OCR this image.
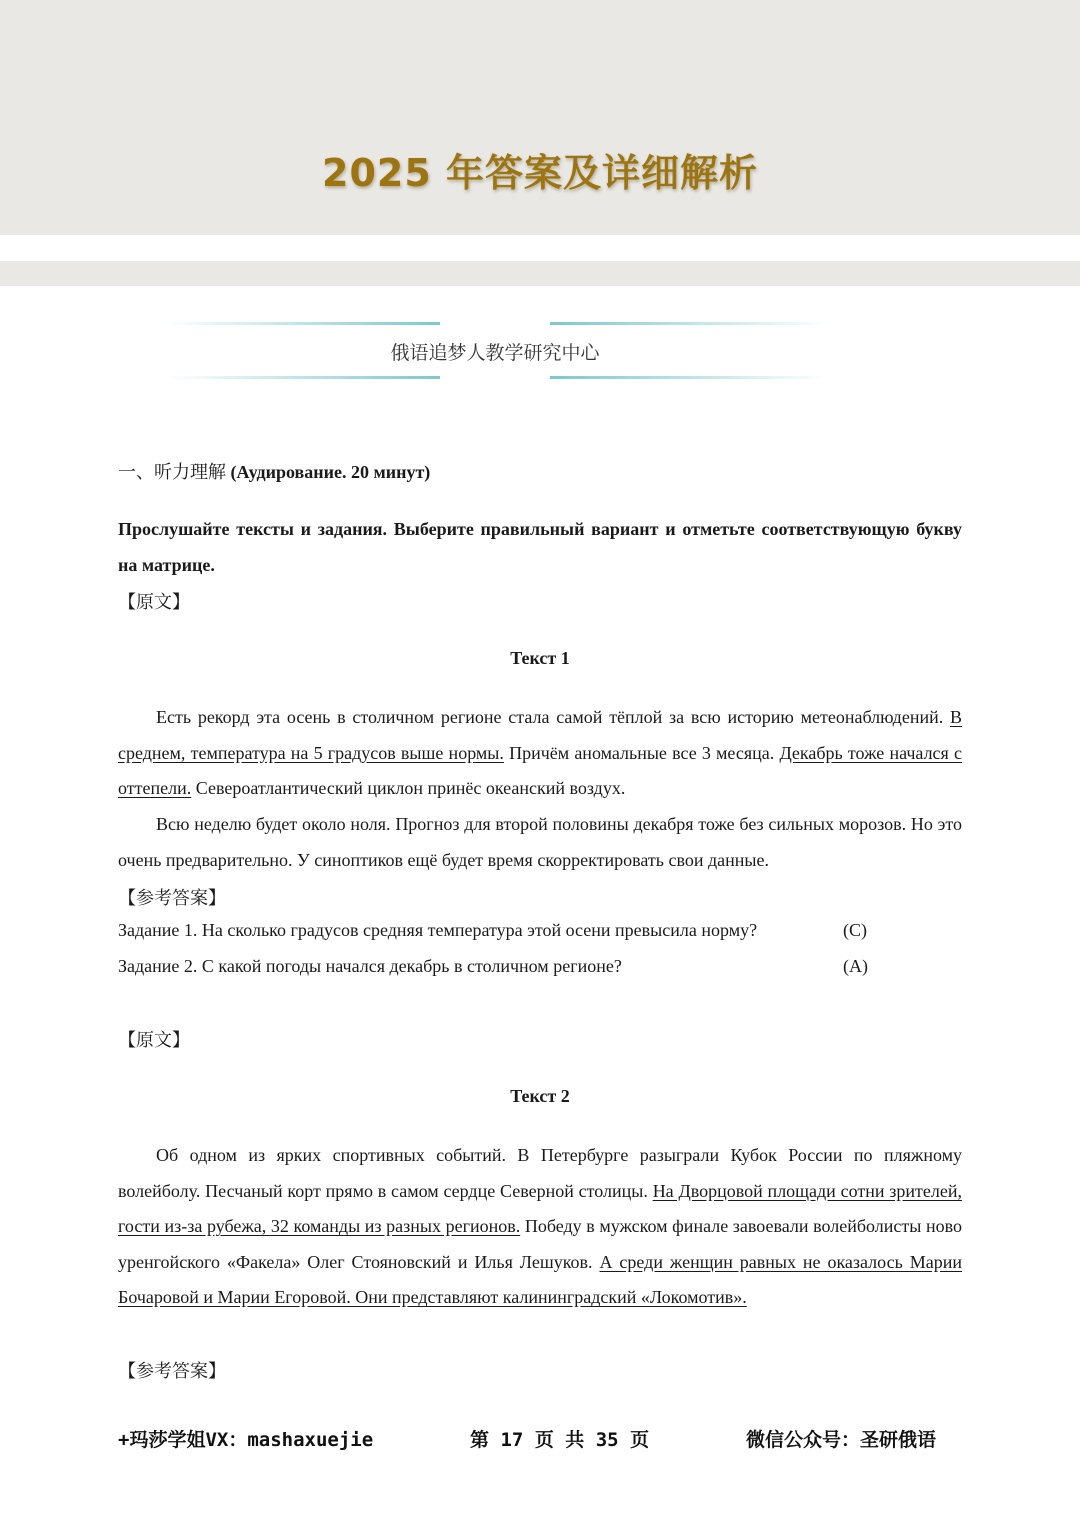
2025 年答案及详细解析
俄语追梦人教学研究中心
一、听力理解 (Аудирование. 20 минут)
Прослушайте тексты и задания. Выберите правильный вариант и отметьте соответствующую букву на матрице.
【原文】
Текст 1
Есть рекорд эта осень в столичном регионе стала самой тёплой за всю историю метеонаблюдений. В среднем, температура на 5 градусов выше нормы. Причём аномальные все 3 месяца. Декабрь тоже начался с оттепели. Североатлантический циклон принёс океанский воздух.
Всю неделю будет около ноля. Прогноз для второй половины декабря тоже без сильных морозов. Но это очень предварительно. У синоптиков ещё будет время скорректировать свои данные.
【参考答案】
Задание 1. На сколько градусов средняя температура этой осени превысила норму?	(C)
Задание 2. С какой погоды начался декабрь в столичном регионе?	(A)
【原文】
Текст 2
Об одном из ярких спортивных событий. В Петербурге разыграли Кубок России по пляжному волейболу. Песчаный корт прямо в самом сердце Северной столицы. На Дворцовой площади сотни зрителей, гости из-за рубежа, 32 команды из разных регионов. Победу в мужском финале завоевали волейболисты ново уренгойского «Факела» Олег Стояновский и Илья Лешуков. А среди женщин равных не оказалось Марии Бочаровой и Марии Егоровой. Они представляют калининградский «Локомотив».
【参考答案】
+玛莎学姐VX：mashaxuejie	第 17 页 共 35 页	微信公众号：圣研俄语
